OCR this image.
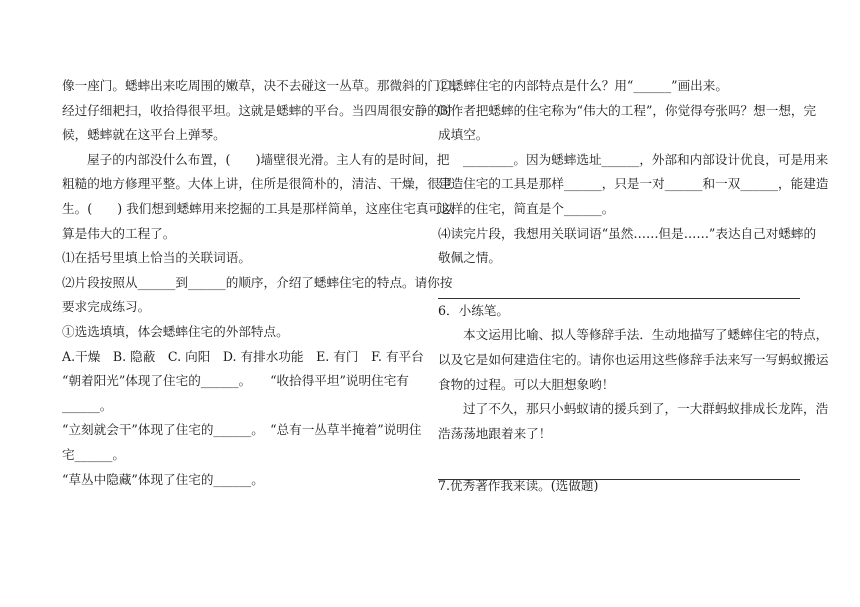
像一座门。蟋蟀出来吃周围的嫩草，决不去碰这一丛草。那微斜的门口，

经过仔细耙扫，收拾得很平坦。这就是蟋蟀的平台。当四周很安静的时

候，蟋蟀就在这平台上弹琴。

屋子的内部没什么布置，(　　)墙壁很光滑。主人有的是时间，把

粗糙的地方修理平整。大体上讲，住所是很简朴的，清洁、干燥，很卫

生。(　　) 我们想到蟋蟀用来挖掘的工具是那样简单，这座住宅真可以

算是伟大的工程了。

⑴在括号里填上恰当的关联词语。

⑵片段按照从______到______的顺序，介绍了蟋蟀住宅的特点。请你按

要求完成练习。

①选选填填，体会蟋蟀住宅的外部特点。

A.干燥　B. 隐蔽　C. 向阳　D. 有排水功能　E. 有门　F. 有平台

“朝着阳光”体现了住宅的______。　　“收拾得平坦”说明住宅有

______。

“立刻就会干”体现了住宅的______。　“总有一丛草半掩着”说明住

宅______。

“草丛中隐藏”体现了住宅的______。

②蟋蟀住宅的内部特点是什么？用“______”画出来。

⑶作者把蟋蟀的住宅称为“伟大的工程”，你觉得夸张吗？想一想，完

成填空。

________。因为蟋蟀选址______，外部和内部设计优良，可是用来

建造住宅的工具是那样______，只是一对______和一双______，能建造

这样的住宅，简直是个______。

⑷读完片段，我想用关联词语“虽然……但是……”表达自己对蟋蟀的

敬佩之情。

6．小练笔。

本文运用比喻、拟人等修辞手法．生动地描写了蟋蟀住宅的特点，

以及它是如何建造住宅的。请你也运用这些修辞手法来写一写蚂蚁搬运

食物的过程。可以大胆想象哟！

过了不久，那只小蚂蚁请的援兵到了，一大群蚂蚁排成长龙阵，浩

浩荡荡地跟着来了！

7.优秀著作我来读。(选做题)
